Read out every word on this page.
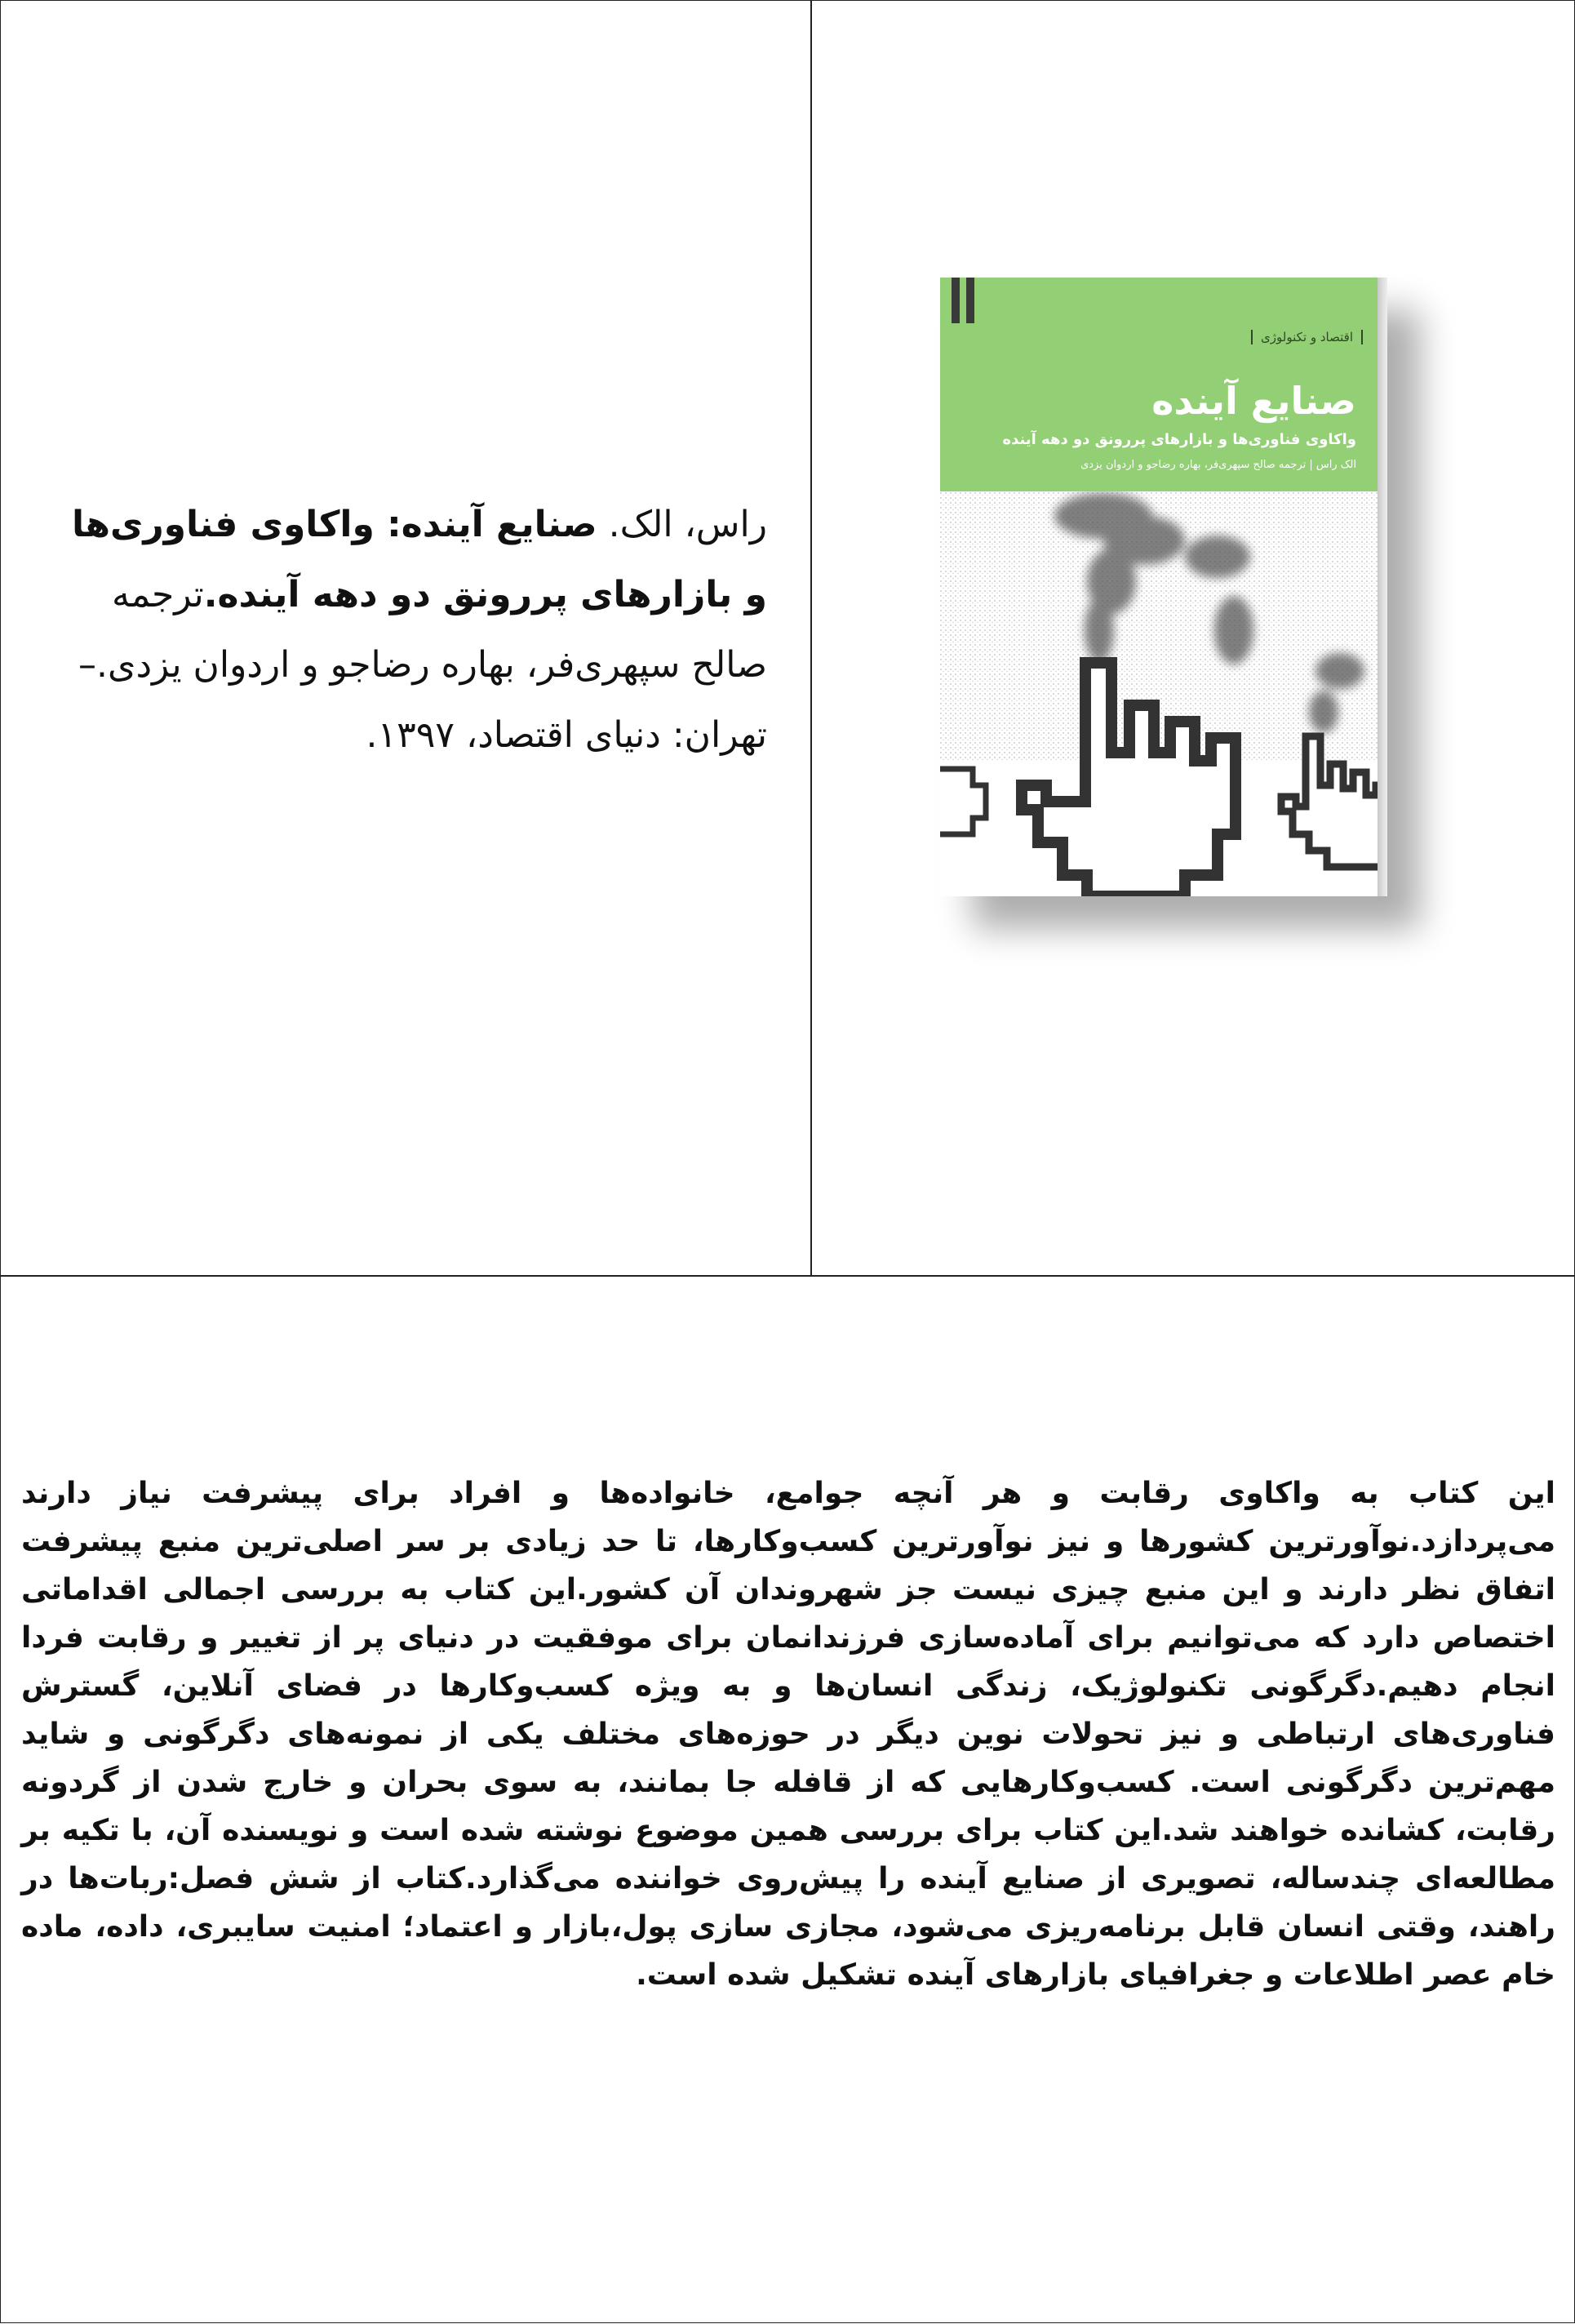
راس، الک. صنایع آینده: واکاوی فناوری‌ها و بازارهای پررونق دو دهه آینده.ترجمه صالح سپهری‌فر، بهاره رضاجو و اردوان یزدی.– تهران: دنیای اقتصاد، ۱۳۹۷.
اقتصاد و تکنولوژی
صنایع آینده
واکاوی فناوری‌ها و بازارهای پررونق دو دهه آینده
الک راس | ترجمه صالح سپهری‌فر، بهاره رضاجو و اردوان یزدی
این کتاب به واکاوی رقابت و هر آنچه جوامع، خانواده‌ها و افراد برای پیشرفت نیاز دارند می‌پردازد.نوآورترین کشورها و نیز نوآورترین کسب‌وکارها، تا حد زیادی بر سر اصلی‌ترین منبع پیشرفت اتفاق نظر دارند و این منبع چیزی نیست جز شهروندان آن کشور.این کتاب به بررسی اجمالی اقداماتی اختصاص دارد که می‌توانیم برای آماده‌سازی فرزندانمان برای موفقیت در دنیای پر از تغییر و رقابت فردا انجام دهیم.دگرگونی تکنولوژیک، زندگی انسان‌ها و به ویژه کسب‌وکارها در فضای آنلاین، گسترش فناوری‌های ارتباطی و نیز تحولات نوین دیگر در حوزه‌های مختلف یکی از نمونه‌های دگرگونی و شاید مهم‌ترین دگرگونی است. کسب‌وکارهایی که از قافله جا بمانند، به سوی بحران و خارج شدن از گردونه رقابت، کشانده خواهند شد.این کتاب برای بررسی همین موضوع نوشته شده است و نویسنده آن، با تکیه بر مطالعه‌ای چندساله، تصویری از صنایع آینده را پیش‌روی خواننده می‌گذارد.کتاب از شش فصل:ربات‌ها در راهند، وقتی انسان قابل برنامه‌ریزی می‌شود، مجازی سازی پول،بازار و اعتماد؛ امنیت سایبری، داده، ماده خام عصر اطلاعات و جغرافیای بازارهای آینده تشکیل شده است.
